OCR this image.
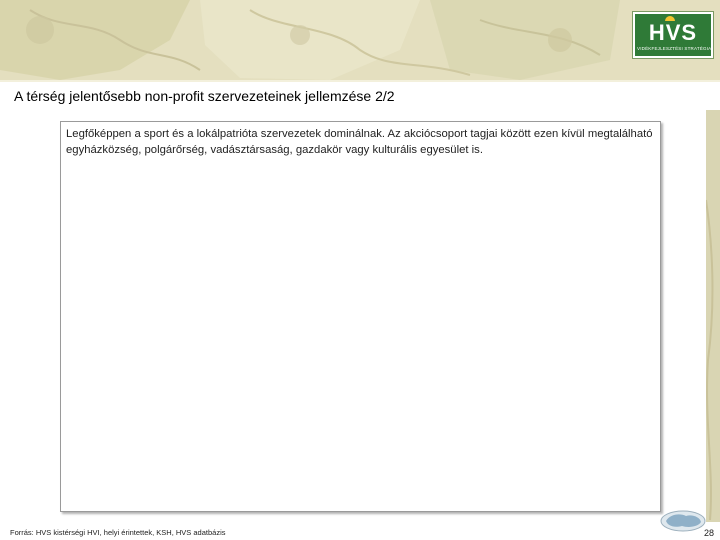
A térség jelentősebb non-profit szervezeteinek jellemzése 2/2

Legfőképpen a sport és a lokálpatrióta szervezetek dominálnak. Az akciócsoport tagjai között ezen kívül megtalálható egyházközség, polgárőrség, vadásztársaság, gazdakör vagy kulturális egyesület is.

HVS
VIDÉKFEJLESZTÉSI STRATÉGIA
Forrás: HVS kistérségi HVI, helyi érintettek, KSH, HVS adatbázis	28
